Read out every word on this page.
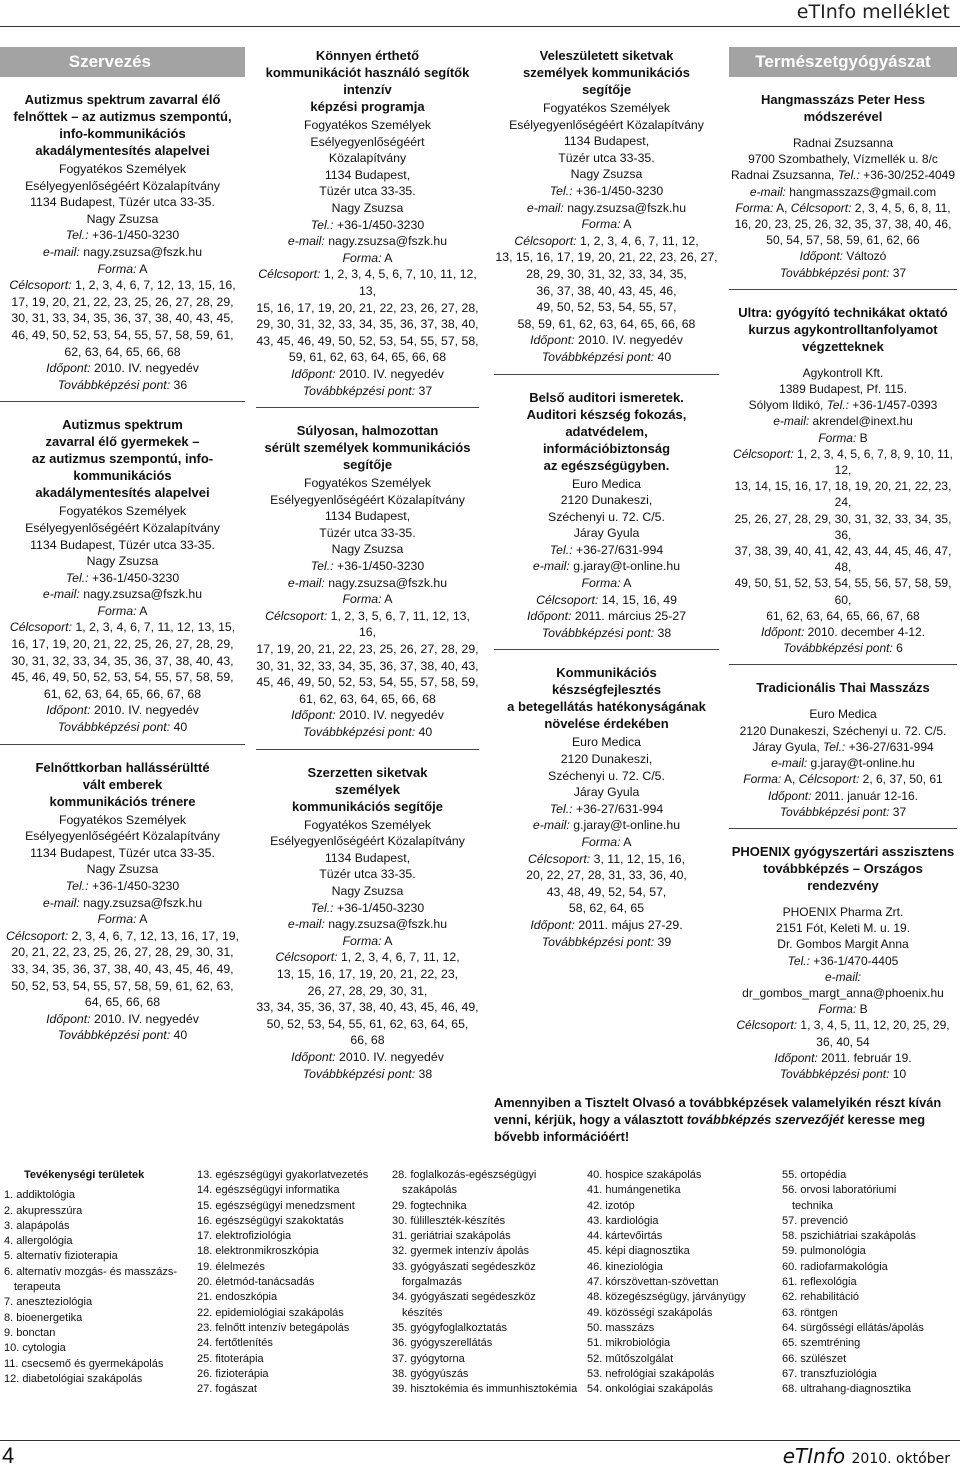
eТInfo melléklet
Szervezés
Autizmus spektrum zavarral élő
felnőttek – az autizmus szempontú,
info-kommunikációs
akadálymentesítés alapelvei
Fogyatékos Személyek
Esélyegyenlőségéért Közalapítvány
1134 Budapest, Tüzér utca 33-35.
Nagy Zsuzsa
Tel.: +36-1/450-3230
e-mail: nagy.zsuzsa@fszk.hu
Forma: A
Célcsoport: 1, 2, 3, 4, 6, 7, 12, 13, 15, 16,
17, 19, 20, 21, 22, 23, 25, 26, 27, 28, 29,
30, 31, 33, 34, 35, 36, 37, 38, 40, 43, 45,
46, 49, 50, 52, 53, 54, 55, 57, 58, 59, 61,
62, 63, 64, 65, 66, 68
Időpont: 2010. IV. negyedév
Továbbképzési pont: 36
Autizmus spektrum
zavarral élő gyermekek –
az autizmus szempontú, info-
kommunikációs
akadálymentesítés alapelvei
Fogyatékos Személyek
Esélyegyenlőségéért Közalapítvány
1134 Budapest, Tüzér utca 33-35.
Nagy Zsuzsa
Tel.: +36-1/450-3230
e-mail: nagy.zsuzsa@fszk.hu
Forma: A
Célcsoport: 1, 2, 3, 4, 6, 7, 11, 12, 13, 15,
16, 17, 19, 20, 21, 22, 25, 26, 27, 28, 29,
30, 31, 32, 33, 34, 35, 36, 37, 38, 40, 43,
45, 46, 49, 50, 52, 53, 54, 55, 57, 58, 59,
61, 62, 63, 64, 65, 66, 67, 68
Időpont: 2010. IV. negyedév
Továbbképzési pont: 40
Felnőttkorban hallássérültté
vált emberek
kommunikációs trénere
Fogyatékos Személyek
Esélyegyenlőségéért Közalapítvány
1134 Budapest, Tüzér utca 33-35.
Nagy Zsuzsa
Tel.: +36-1/450-3230
e-mail: nagy.zsuzsa@fszk.hu
Forma: A
Célcsoport: 2, 3, 4, 6, 7, 12, 13, 16, 17, 19,
20, 21, 22, 23, 25, 26, 27, 28, 29, 30, 31,
33, 34, 35, 36, 37, 38, 40, 43, 45, 46, 49,
50, 52, 53, 54, 55, 57, 58, 59, 61, 62, 63,
64, 65, 66, 68
Időpont: 2010. IV. negyedév
Továbbképzési pont: 40
Könnyen érthető
kommunikációt használó segítők
intenzív
képzési programja
Fogyatékos Személyek
Esélyegyenlőségéért
Közalapítvány
1134 Budapest,
Tüzér utca 33-35.
Nagy Zsuzsa
Tel.: +36-1/450-3230
e-mail: nagy.zsuzsa@fszk.hu
Forma: A
Célcsoport: 1, 2, 3, 4, 5, 6, 7, 10, 11, 12, 13,
15, 16, 17, 19, 20, 21, 22, 23, 26, 27, 28,
29, 30, 31, 32, 33, 34, 35, 36, 37, 38, 40,
43, 45, 46, 49, 50, 52, 53, 54, 55, 57, 58,
59, 61, 62, 63, 64, 65, 66, 68
Időpont: 2010. IV. negyedév
Továbbképzési pont: 37
Súlyosan, halmozottan
sérült személyek kommunikációs
segítője
Fogyatékos Személyek
Esélyegyenlőségéért Közalapítvány
1134 Budapest,
Tüzér utca 33-35.
Nagy Zsuzsa
Tel.: +36-1/450-3230
e-mail: nagy.zsuzsa@fszk.hu
Forma: A
Célcsoport: 1, 2, 3, 5, 6, 7, 11, 12, 13, 16,
17, 19, 20, 21, 22, 23, 25, 26, 27, 28, 29,
30, 31, 32, 33, 34, 35, 36, 37, 38, 40, 43,
45, 46, 49, 50, 52, 53, 54, 55, 57, 58, 59,
61, 62, 63, 64, 65, 66, 68
Időpont: 2010. IV. negyedév
Továbbképzési pont: 40
Szerzetten siketvak
személyek
kommunikációs segítője
Fogyatékos Személyek
Esélyegyenlőségéért Közalapítvány
1134 Budapest,
Tüzér utca 33-35.
Nagy Zsuzsa
Tel.: +36-1/450-3230
e-mail: nagy.zsuzsa@fszk.hu
Forma: A
Célcsoport: 1, 2, 3, 4, 6, 7, 11, 12,
13, 15, 16, 17, 19, 20, 21, 22, 23,
26, 27, 28, 29, 30, 31,
33, 34, 35, 36, 37, 38, 40, 43, 45, 46, 49,
50, 52, 53, 54, 55, 61, 62, 63, 64, 65,
66, 68
Időpont: 2010. IV. negyedév
Továbbképzési pont: 38
Veleszületett siketvak
személyek kommunikációs
segítője
Fogyatékos Személyek
Esélyegyenlőségéért Közalapítvány
1134 Budapest,
Tüzér utca 33-35.
Nagy Zsuzsa
Tel.: +36-1/450-3230
e-mail: nagy.zsuzsa@fszk.hu
Forma: A
Célcsoport: 1, 2, 3, 4, 6, 7, 11, 12,
13, 15, 16, 17, 19, 20, 21, 22, 23, 26, 27,
28, 29, 30, 31, 32, 33, 34, 35,
36, 37, 38, 40, 43, 45, 46,
49, 50, 52, 53, 54, 55, 57,
58, 59, 61, 62, 63, 64, 65, 66, 68
Időpont: 2010. IV. negyedév
Továbbképzési pont: 40
Belső auditori ismeretek.
Auditori készség fokozás,
adatvédelem,
információbiztonság
az egészségügyben.
Euro Medica
2120 Dunakeszi,
Széchenyi u. 72. C/5.
Járay Gyula
Tel.: +36-27/631-994
e-mail: g.jaray@t-online.hu
Forma: A
Célcsoport: 14, 15, 16, 49
Időpont: 2011. március 25-27
Továbbképzési pont: 38
Kommunikációs
készségfejlesztés
a betegellátás hatékonyságának
növelése érdekében
Euro Medica
2120 Dunakeszi,
Széchenyi u. 72. C/5.
Járay Gyula
Tel.: +36-27/631-994
e-mail: g.jaray@t-online.hu
Forma: A
Célcsoport: 3, 11, 12, 15, 16,
20, 22, 27, 28, 31, 33, 36, 40,
43, 48, 49, 52, 54, 57,
58, 62, 64, 65
Időpont: 2011. május 27-29.
Továbbképzési pont: 39
Természetgyógyászat
Hangmasszázs Peter Hess módszerével
Radnai Zsuzsanna
9700 Szombathely, Vízmellék u. 8/c
Radnai Zsuzsanna, Tel.: +36-30/252-4049
e-mail: hangmasszazs@gmail.com
Forma: A, Célcsoport: 2, 3, 4, 5, 6, 8, 11,
16, 20, 23, 25, 26, 32, 35, 37, 38, 40, 46,
50, 54, 57, 58, 59, 61, 62, 66
Időpont: Változó
Továbbképzési pont: 37
Ultra: gyógyító technikákat oktató
kurzus agykontrolltanfolyamot
végzetteknek
Agykontroll Kft.
1389 Budapest, Pf. 115.
Sólyom Ildikó, Tel.: +36-1/457-0393
e-mail: akrendel@inext.hu
Forma: B
Célcsoport: 1, 2, 3, 4, 5, 6, 7, 8, 9, 10, 11, 12,
13, 14, 15, 16, 17, 18, 19, 20, 21, 22, 23, 24,
25, 26, 27, 28, 29, 30, 31, 32, 33, 34, 35, 36,
37, 38, 39, 40, 41, 42, 43, 44, 45, 46, 47, 48,
49, 50, 51, 52, 53, 54, 55, 56, 57, 58, 59, 60,
61, 62, 63, 64, 65, 66, 67, 68
Időpont: 2010. december 4-12.
Továbbképzési pont: 6
Tradicionális Thai Masszázs
Euro Medica
2120 Dunakeszi, Széchenyi u. 72. C/5.
Járay Gyula, Tel.: +36-27/631-994
e-mail: g.jaray@t-online.hu
Forma: A, Célcsoport: 2, 6, 37, 50, 61
Időpont: 2011. január 12-16.
Továbbképzési pont: 37
PHOENIX gyógyszertári asszisztens
továbbképzés – Országos rendezvény
PHOENIX Pharma Zrt.
2151 Fót, Keleti M. u. 19.
Dr. Gombos Margit Anna
Tel.: +36-1/470-4405
e-mail:
dr_gombos_margt_anna@phoenix.hu
Forma: B
Célcsoport: 1, 3, 4, 5, 11, 12, 20, 25, 29,
36, 40, 54
Időpont: 2011. február 19.
Továbbképzési pont: 10
Amennyiben a Tisztelt Olvasó a továbbképzések valamelyikén részt kíván venni, kérjük, hogy a választott továbbképzés szervezőjét keresse meg bővebb információért!
Tevékenységi területek
1. addiktológia
2. akupresszúra
3. alapápolás
4. allergológia
5. alternatív fizioterapia
6. alternatív mozgás- és masszázs-
terapeuta
7. aneszteziológia
8. bioenergetika
9. bonctan
10. cytologia
11. csecsemő és gyermekápolás
12. diabetológiai szakápolás
13. egészségügyi gyakorlatvezetés
14. egészségügyi informatika
15. egészségügyi menedzsment
16. egészségügyi szakoktatás
17. elektrofiziológia
18. elektronmikroszkópia
19. élelmezés
20. életmód-tanácsadás
21. endoszkópia
22. epidemiológiai szakápolás
23. felnőtt intenzív betegápolás
24. fertőtlenítés
25. fitoterápia
26. fizioterápia
27. fogászat
28. foglalkozás-egészségügyi
szakápolás
29. fogtechnika
30. fülilleszték-készítés
31. geriátriai szakápolás
32. gyermek intenzív ápolás
33. gyógyászati segédeszköz
forgalmazás
34. gyógyászati segédeszköz
készítés
35. gyógyfoglalkoztatás
36. gyógyszerellátás
37. gyógytorna
38. gyógyúszás
39. hisztokémia és immunhisztokémia
40. hospice szakápolás
41. humángenetika
42. izotóp
43. kardiológia
44. kártevőirtás
45. képi diagnosztika
46. kineziológia
47. kórszövettan-szövettan
48. közegészségügy, járványügy
49. közösségi szakápolás
50. masszázs
51. mikrobiológia
52. műtőszolgálat
53. nefrológiai szakápolás
54. onkológiai szakápolás
55. ortopédia
56. orvosi laboratóriumi
technika
57. prevenció
58. pszichiátriai szakápolás
59. pulmonológia
60. radiofarmakológia
61. reflexológia
62. rehabilitáció
63. röntgen
64. sürgősségi ellátás/ápolás
65. szemtréning
66. szülészet
67. transzfuziológia
68. ultrahang-diagnosztika
4	eТInfo 2010. október
